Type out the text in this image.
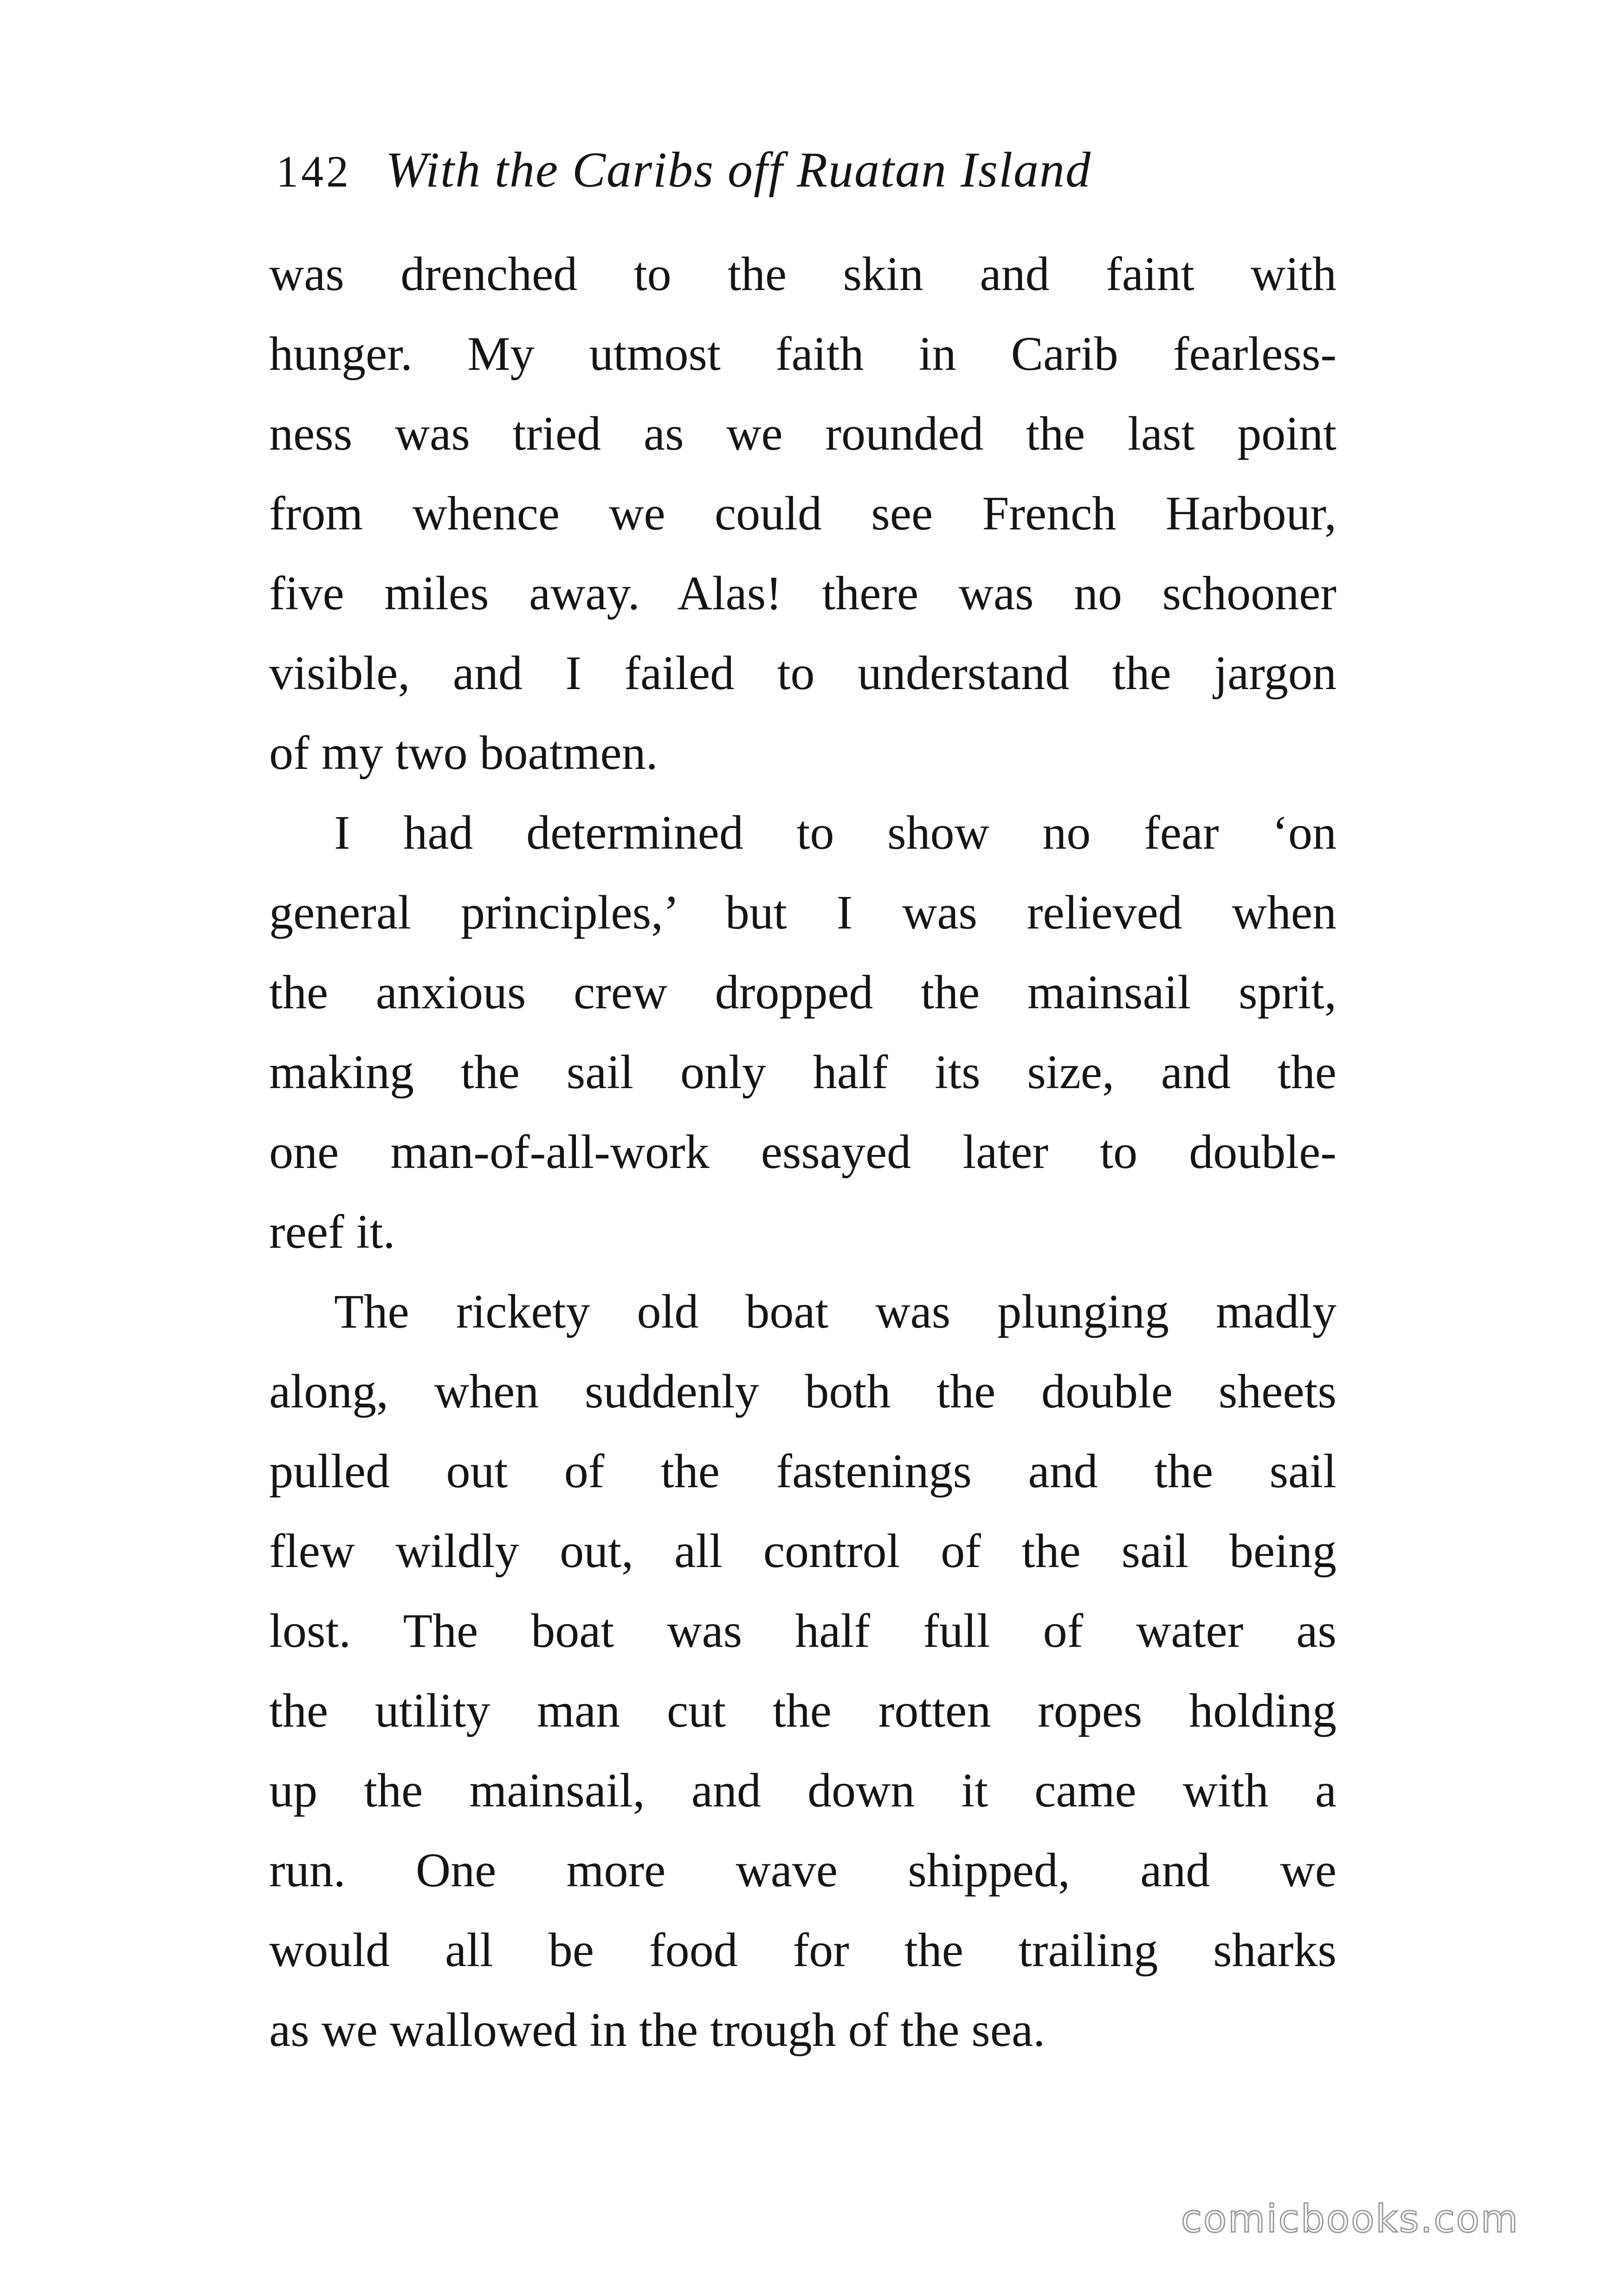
142 With the Caribs off Ruatan Island
was drenched to the skin and faint with
hunger. My utmost faith in Carib fearless-
ness was tried as we rounded the last point
from whence we could see French Harbour,
five miles away. Alas! there was no schooner
visible, and I failed to understand the jargon
of my two boatmen.
I had determined to show no fear ‘on
general principles,’ but I was relieved when
the anxious crew dropped the mainsail sprit,
making the sail only half its size, and the
one man-of-all-work essayed later to double-
reef it.
The rickety old boat was plunging madly
along, when suddenly both the double sheets
pulled out of the fastenings and the sail
flew wildly out, all control of the sail being
lost. The boat was half full of water as
the utility man cut the rotten ropes holding
up the mainsail, and down it came with a
run. One more wave shipped, and we
would all be food for the trailing sharks
as we wallowed in the trough of the sea.
comicbooks.com
